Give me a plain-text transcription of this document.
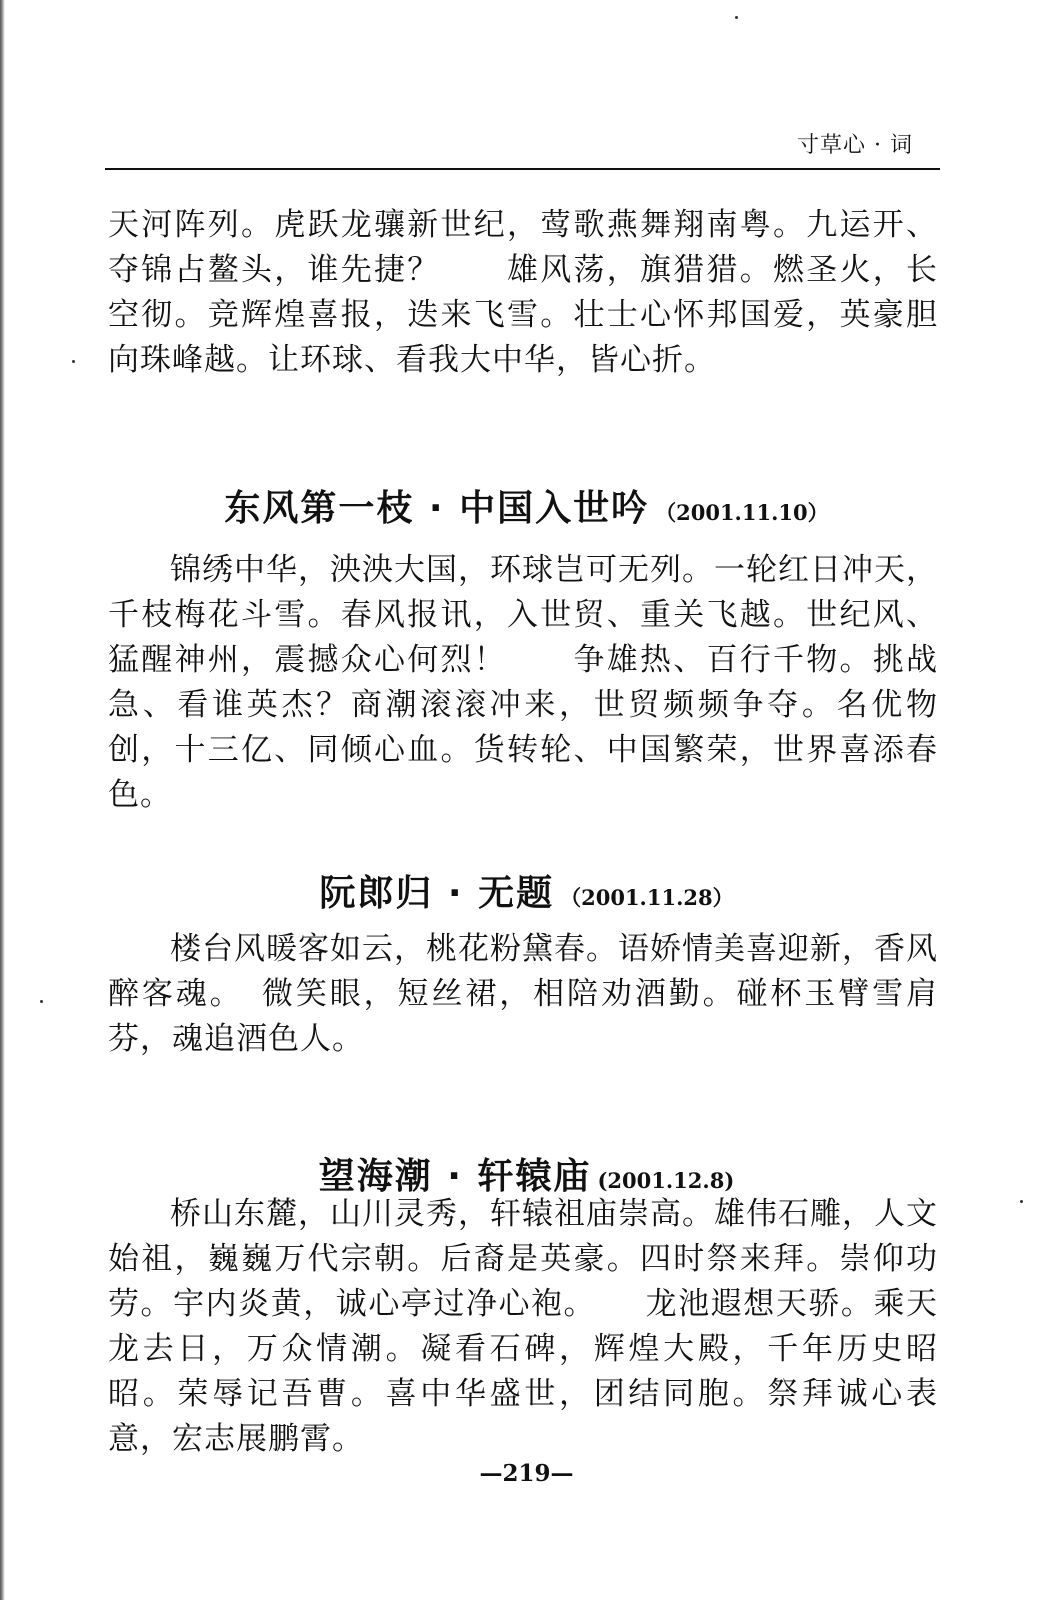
寸草心 · 词

天河阵列。虎跃龙骧新世纪，莺歌燕舞翔南粤。九运开、夺锦占鳌头，谁先捷？　　雄风荡，旗猎猎。燃圣火，长空彻。竞辉煌喜报，迭来飞雪。壮士心怀邦国爱，英豪胆向珠峰越。让环球、看我大中华，皆心折。

东风第一枝 · 中国入世吟 （2001.11.10）

锦绣中华，泱泱大国，环球岂可无列。一轮红日冲天，千枝梅花斗雪。春风报讯，入世贸、重关飞越。世纪风、猛醒神州，震撼众心何烈！　　争雄热、百行千物。挑战急、看谁英杰？商潮滚滚冲来，世贸频频争夺。名优物创，十三亿、同倾心血。货转轮、中国繁荣，世界喜添春色。

阮郎归 · 无题 （2001.11.28）

楼台风暖客如云，桃花粉黛春。语娇情美喜迎新，香风醉客魂。　微笑眼，短丝裙，相陪劝酒勤。碰杯玉臂雪肩芬，魂追酒色人。

望海潮 · 轩辕庙 (2001.12.8)

桥山东麓，山川灵秀，轩辕祖庙崇高。雄伟石雕，人文始祖，巍巍万代宗朝。后裔是英豪。四时祭来拜。崇仰功劳。宇内炎黄，诚心亭过净心袍。　　龙池遐想天骄。乘天龙去日，万众情潮。凝看石碑，辉煌大殿，千年历史昭昭。荣辱记吾曹。喜中华盛世，团结同胞。祭拜诚心表意，宏志展鹏霄。

—219—
